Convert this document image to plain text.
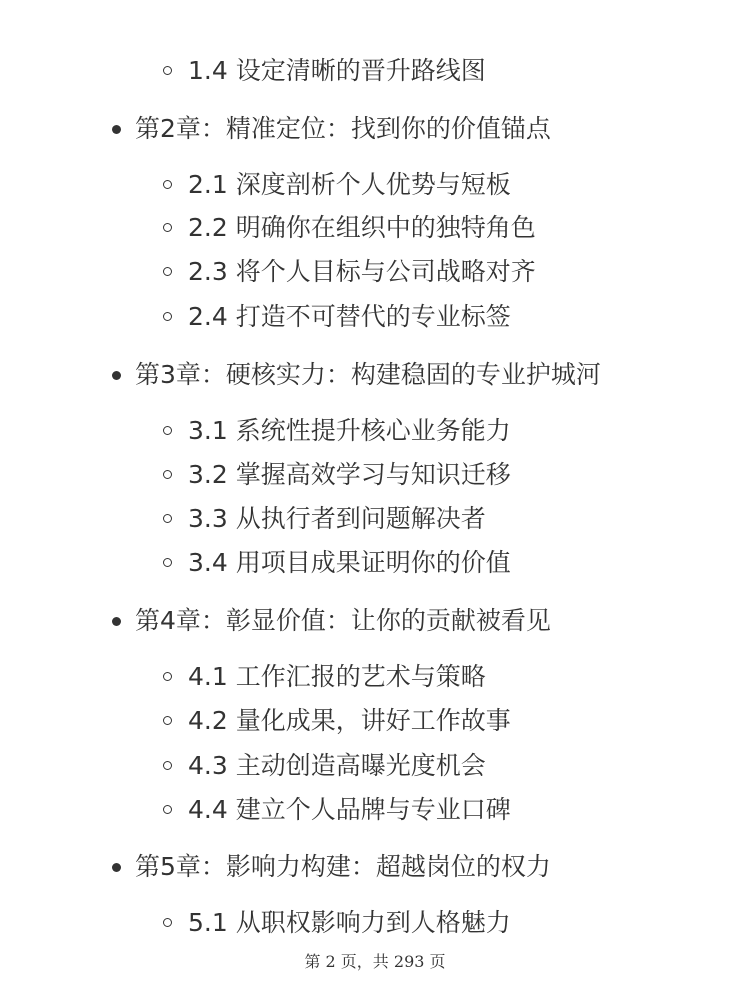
1.4 设定清晰的晋升路线图
第2章：精准定位：找到你的价值锚点
2.1 深度剖析个人优势与短板
2.2 明确你在组织中的独特角色
2.3 将个人目标与公司战略对齐
2.4 打造不可替代的专业标签
第3章：硬核实力：构建稳固的专业护城河
3.1 系统性提升核心业务能力
3.2 掌握高效学习与知识迁移
3.3 从执行者到问题解决者
3.4 用项目成果证明你的价值
第4章：彰显价值：让你的贡献被看见
4.1 工作汇报的艺术与策略
4.2 量化成果，讲好工作故事
4.3 主动创造高曝光度机会
4.4 建立个人品牌与专业口碑
第5章：影响力构建：超越岗位的权力
5.1 从职权影响力到人格魅力
第 2 页，共 293 页
